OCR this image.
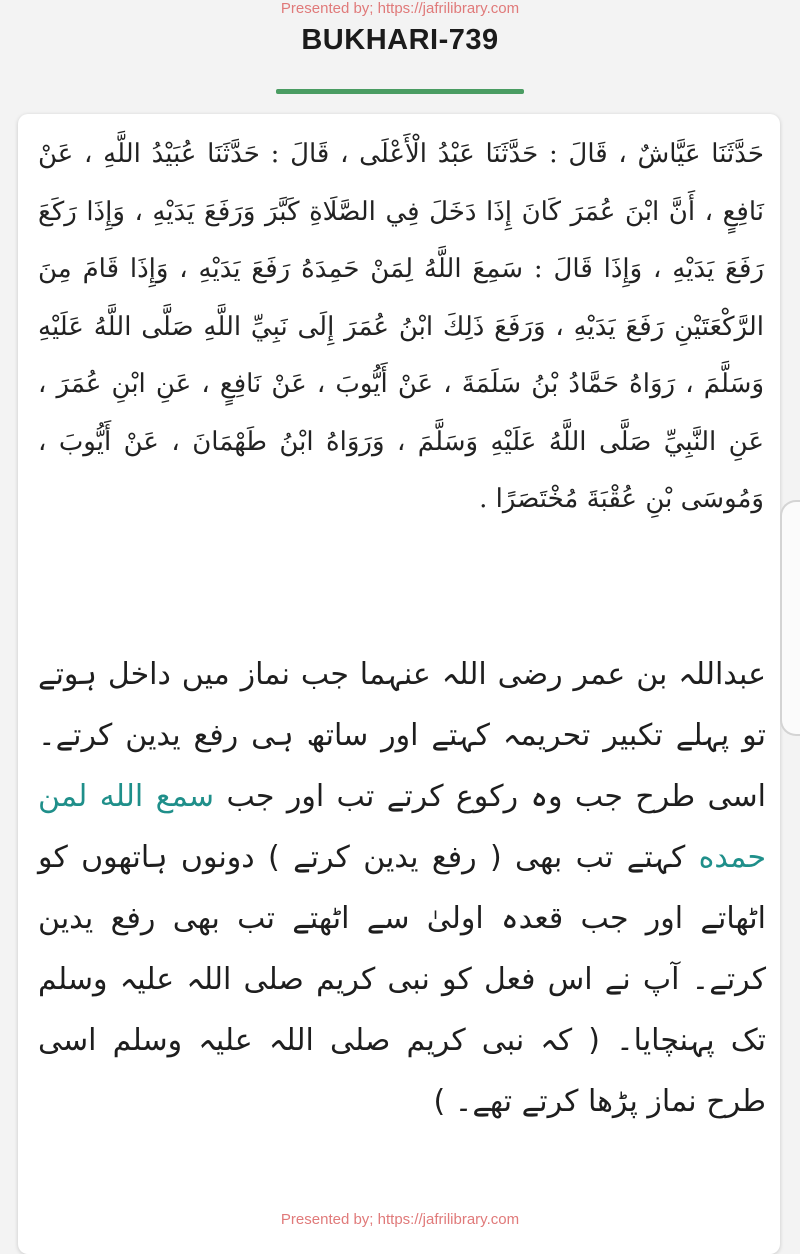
Presented by; https://jafrilibrary.com
BUKHARI-739
حَدَّثَنَا عَيَّاشٌ ، قَالَ : حَدَّثَنَا عَبْدُ الْأَعْلَى ، قَالَ : حَدَّثَنَا عُبَيْدُ اللَّهِ ، عَنْ نَافِعٍ ، أَنَّ ابْنَ عُمَرَ كَانَ إِذَا دَخَلَ فِي الصَّلَاةِ كَبَّرَ وَرَفَعَ يَدَيْهِ ، وَإِذَا رَكَعَ رَفَعَ يَدَيْهِ ، وَإِذَا قَالَ : سَمِعَ اللَّهُ لِمَنْ حَمِدَهُ رَفَعَ يَدَيْهِ ، وَإِذَا قَامَ مِنَ الرَّكْعَتَيْنِ رَفَعَ يَدَيْهِ ، وَرَفَعَ ذَلِكَ ابْنُ عُمَرَ إِلَى نَبِيِّ اللَّهِ صَلَّى اللَّهُ عَلَيْهِ وَسَلَّمَ ، رَوَاهُ حَمَّادُ بْنُ سَلَمَةَ ، عَنْ أَيُّوبَ ، عَنْ نَافِعٍ ، عَنِ ابْنِ عُمَرَ ، عَنِ النَّبِيِّ صَلَّى اللَّهُ عَلَيْهِ وَسَلَّمَ ، وَرَوَاهُ ابْنُ طَهْمَانَ ، عَنْ أَيُّوبَ ، وَمُوسَى بْنِ عُقْبَةَ مُخْتَصَرًا .
عبداللہ بن عمر رضی اللہ عنہما جب نماز میں داخل ہوتے تو پہلے تکبیر تحریمہ کہتے اور ساتھ ہی رفع یدین کرتے۔ اسی طرح جب وہ رکوع کرتے تب اور جب سمع الله لمن حمده کہتے تب بھی ( رفع یدین کرتے ) دونوں ہاتھوں کو اٹھاتے اور جب قعدہ اولیٰ سے اٹھتے تب بھی رفع یدین کرتے۔ آپ نے اس فعل کو نبی کریم صلی اللہ علیہ وسلم تک پہنچایا۔ ( کہ نبی کریم صلی اللہ علیہ وسلم اسی طرح نماز پڑھا کرتے تھے۔ )
Presented by; https://jafrilibrary.com
